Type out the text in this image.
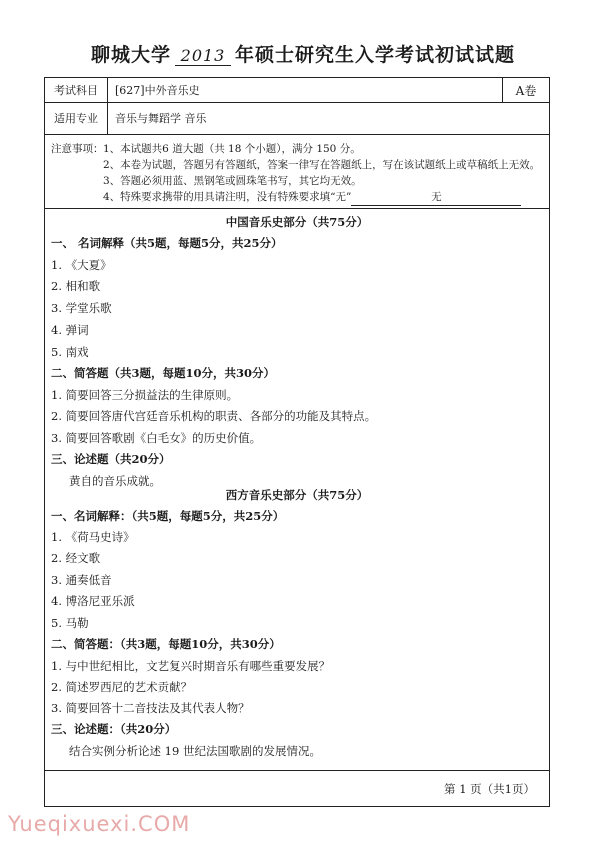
聊城大学 2013 年硕士研究生入学考试初试试题
考试科目	[627]中外音乐史	A卷
适用专业	音乐与舞蹈学 音乐
注意事项： 1、本试题共6 道大题（共 18 个小题），满分 150 分。
2、本卷为试题，答题另有答题纸，答案一律写在答题纸上，写在该试题纸上或草稿纸上无效。
3、答题必须用蓝、黑钢笔或圆珠笔书写，其它均无效。
4、特殊要求携带的用具请注明，没有特殊要求填“无”	无
中国音乐史部分（共75分）
一、 名词解释（共5题，每题5分，共25分）
1. 《大夏》
2. 相和歌
3. 学堂乐歌
4. 弹词
5. 南戏
二、简答题（共3题，每题10分，共30分）
1. 简要回答三分损益法的生律原则。
2. 简要回答唐代宫廷音乐机构的职责、各部分的功能及其特点。
3. 简要回答歌剧《白毛女》的历史价值。
三、论述题（共20分）
黄自的音乐成就。
西方音乐史部分（共75分）
一、名词解释：（共5题，每题5分，共25分）
1. 《荷马史诗》
2. 经文歌
3. 通奏低音
4. 博洛尼亚乐派
5. 马勒
二、简答题：（共3题，每题10分，共30分）
1. 与中世纪相比，文艺复兴时期音乐有哪些重要发展？
2. 简述罗西尼的艺术贡献？
3. 简要回答十二音技法及其代表人物？
三、论述题：（共20分）
结合实例分析论述 19 世纪法国歌剧的发展情况。
第 1 页（共1页）
Yueqixuexi.COM
